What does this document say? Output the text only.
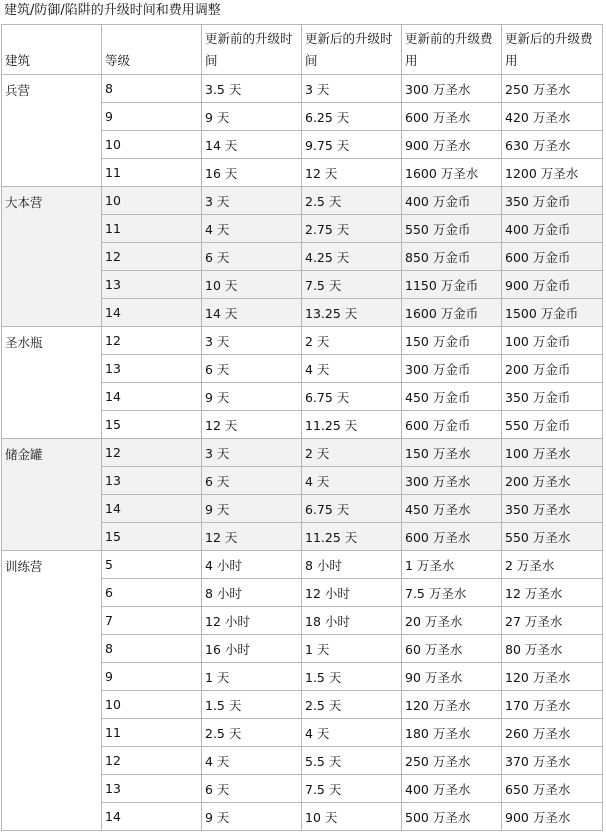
建筑/防御/陷阱的升级时间和费用调整
建筑	等级	更新前的升级时间	更新后的升级时间	更新前的升级费用	更新后的升级费用
兵营	8	3.5 天	3 天	300 万圣水	250 万圣水
	9	9 天	6.25 天	600 万圣水	420 万圣水
	10	14 天	9.75 天	900 万圣水	630 万圣水
	11	16 天	12 天	1600 万圣水	1200 万圣水
大本营	10	3 天	2.5 天	400 万金币	350 万金币
	11	4 天	2.75 天	550 万金币	400 万金币
	12	6 天	4.25 天	850 万金币	600 万金币
	13	10 天	7.5 天	1150 万金币	900 万金币
	14	14 天	13.25 天	1600 万金币	1500 万金币
圣水瓶	12	3 天	2 天	150 万金币	100 万金币
	13	6 天	4 天	300 万金币	200 万金币
	14	9 天	6.75 天	450 万金币	350 万金币
	15	12 天	11.25 天	600 万金币	550 万金币
储金罐	12	3 天	2 天	150 万圣水	100 万圣水
	13	6 天	4 天	300 万圣水	200 万圣水
	14	9 天	6.75 天	450 万圣水	350 万圣水
	15	12 天	11.25 天	600 万圣水	550 万圣水
训练营	5	4 小时	8 小时	1 万圣水	2 万圣水
	6	8 小时	12 小时	7.5 万圣水	12 万圣水
	7	12 小时	18 小时	20 万圣水	27 万圣水
	8	16 小时	1 天	60 万圣水	80 万圣水
	9	1 天	1.5 天	90 万圣水	120 万圣水
	10	1.5 天	2.5 天	120 万圣水	170 万圣水
	11	2.5 天	4 天	180 万圣水	260 万圣水
	12	4 天	5.5 天	250 万圣水	370 万圣水
	13	6 天	7.5 天	400 万圣水	650 万圣水
	14	9 天	10 天	500 万圣水	900 万圣水
